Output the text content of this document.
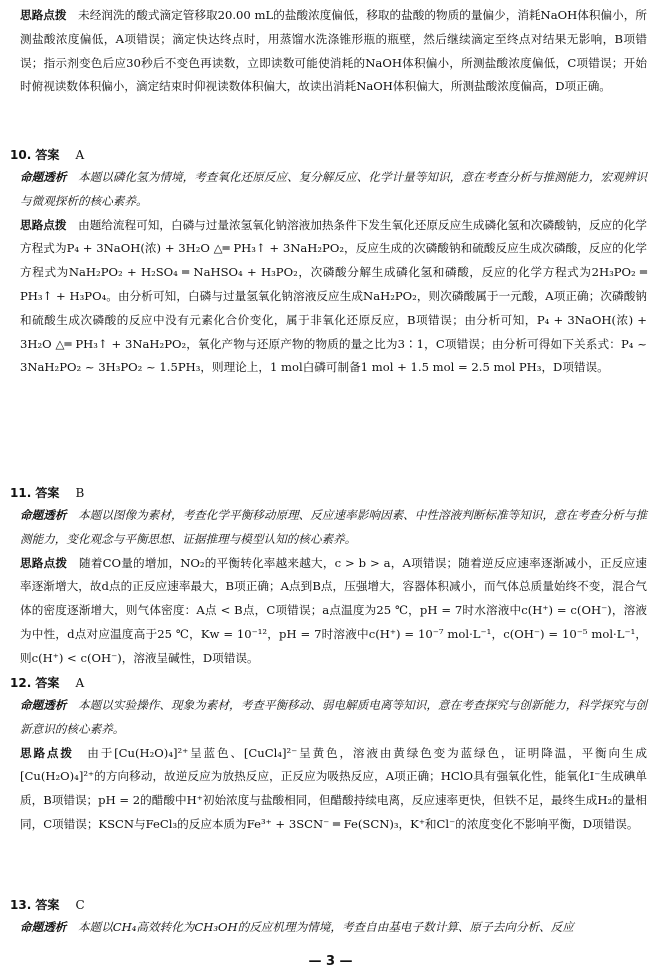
思路点拨　 未经润洗的酸式滴定管移取20.00 mL的盐酸浓度偏低，移取的盐酸的物质的量偏少，消耗NaOH体积偏小，所测盐酸浓度偏低，A项错误；滴定快达终点时，用蒸馏水洗涤锥形瓶的瓶壁，然后继续滴定至终点对结果无影响，B项错误；指示剂变色后应30秒后不变色再读数，立即读数可能使消耗的NaOH体积偏小，所测盐酸浓度偏低，C项错误；开始时俯视读数体积偏小，滴定结束时仰视读数体积偏大，故读出消耗NaOH体积偏大，所测盐酸浓度偏高，D项正确。

10. 答案 A

命题透析　 本题以磷化氢为情境，考查氧化还原反应、复分解反应、化学计量等知识，意在考查分析与推测能力，宏观辨识与微观探析的核心素养。

思路点拨　 由题给流程可知，白磷与过量浓氢氧化钠溶液加热条件下发生氧化还原反应生成磷化氢和次磷酸钠，反应的化学方程式为P₄ + 3NaOH(浓) + 3H₂O △═ PH₃↑ + 3NaH₂PO₂，反应生成的次磷酸钠和硫酸反应生成次磷酸，反应的化学方程式为NaH₂PO₂ + H₂SO₄ ═ NaHSO₄ + H₃PO₂，次磷酸分解生成磷化氢和磷酸，反应的化学方程式为2H₃PO₂ ═ PH₃↑ + H₃PO₄。由分析可知，白磷与过量氢氧化钠溶液反应生成NaH₂PO₂，则次磷酸属于一元酸，A项正确；次磷酸钠和硫酸生成次磷酸的反应中没有元素化合价变化，属于非氧化还原反应，B项错误；由分析可知，P₄ + 3NaOH(浓) + 3H₂O △═ PH₃↑ + 3NaH₂PO₂，氧化产物与还原产物的物质的量之比为3∶1，C项错误；由分析可得如下关系式：P₄ ~ 3NaH₂PO₂ ~ 3H₃PO₂ ~ 1.5PH₃，则理论上，1 mol白磷可制备1 mol + 1.5 mol = 2.5 mol PH₃，D项错误。

11. 答案 B

命题透析　 本题以图像为素材，考查化学平衡移动原理、反应速率影响因素、中性溶液判断标准等知识，意在考查分析与推测能力，变化观念与平衡思想、证据推理与模型认知的核心素养。

思路点拨　 随着CO量的增加，NO₂的平衡转化率越来越大，c > b > a，A项错误；随着逆反应速率逐渐减小，正反应速率逐渐增大，故d点的正反应速率最大，B项正确；A点到B点，压强增大，容器体积减小，而气体总质量始终不变，混合气体的密度逐渐增大，则气体密度：A点 < B点，C项错误；a点温度为25 ℃，pH = 7时水溶液中c(H⁺) = c(OH⁻)，溶液为中性，d点对应温度高于25 ℃，Kw = 10⁻¹²，pH = 7时溶液中c(H⁺) = 10⁻⁷ mol·L⁻¹，c(OH⁻) = 10⁻⁵ mol·L⁻¹，则c(H⁺) < c(OH⁻)，溶液呈碱性，D项错误。

12. 答案 A

命题透析　 本题以实验操作、现象为素材，考查平衡移动、弱电解质电离等知识，意在考查探究与创新能力，科学探究与创新意识的核心素养。

思路点拨　 由于[Cu(H₂O)₄]²⁺呈蓝色、[CuCl₄]²⁻呈黄色，溶液由黄绿色变为蓝绿色，证明降温，平衡向生成[Cu(H₂O)₄]²⁺的方向移动，故逆反应为放热反应，正反应为吸热反应，A项正确；HClO具有强氧化性，能氧化I⁻生成碘单质，B项错误；pH = 2的醋酸中H⁺初始浓度与盐酸相同，但醋酸持续电离，反应速率更快，但铁不足，最终生成H₂的量相同，C项错误；KSCN与FeCl₃的反应本质为Fe³⁺ + 3SCN⁻ ═ Fe(SCN)₃，K⁺和Cl⁻的浓度变化不影响平衡，D项错误。

13. 答案 C

命题透析　 本题以CH₄高效转化为CH₃OH的反应机理为情境，考查自由基电子数计算、原子去向分析、反应

— 3 —
